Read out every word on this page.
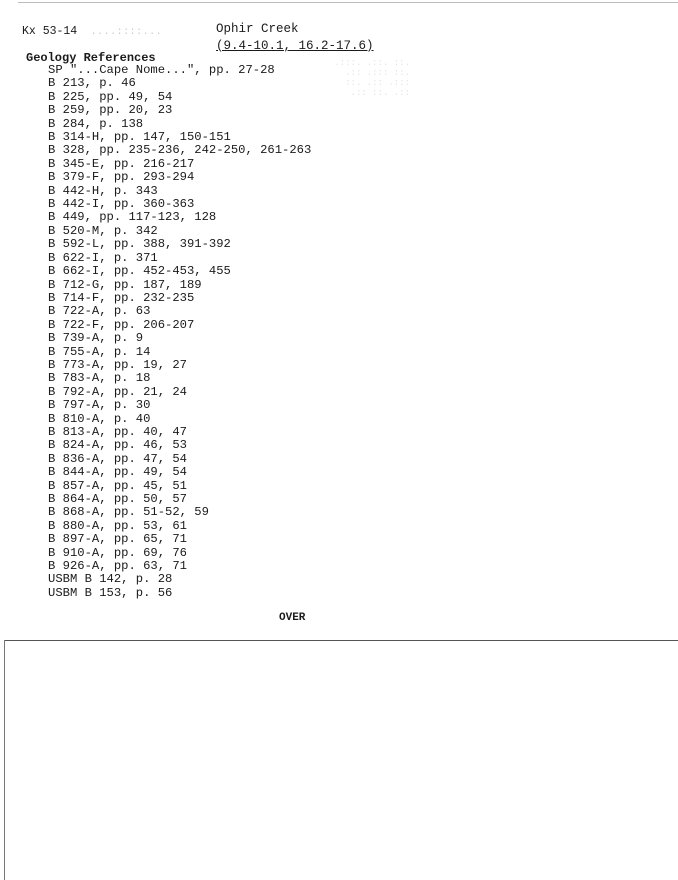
Kx 53-14  ....::::...	Ophir Creek
(9.4-10.1, 16.2-17.6)
.:::. .::. ::.
.:: .::: ::.
::. .:: .:::
.:: ::. .::
Geology References
SP "...Cape Nome...", pp. 27-28
B 213, p. 46
B 225, pp. 49, 54
B 259, pp. 20, 23
B 284, p. 138
B 314-H, pp. 147, 150-151
B 328, pp. 235-236, 242-250, 261-263
B 345-E, pp. 216-217
B 379-F, pp. 293-294
B 442-H, p. 343
B 442-I, pp. 360-363
B 449, pp. 117-123, 128
B 520-M, p. 342
B 592-L, pp. 388, 391-392
B 622-I, p. 371
B 662-I, pp. 452-453, 455
B 712-G, pp. 187, 189
B 714-F, pp. 232-235
B 722-A, p. 63
B 722-F, pp. 206-207
B 739-A, p. 9
B 755-A, p. 14
B 773-A, pp. 19, 27
B 783-A, p. 18
B 792-A, pp. 21, 24
B 797-A, p. 30
B 810-A, p. 40
B 813-A, pp. 40, 47
B 824-A, pp. 46, 53
B 836-A, pp. 47, 54
B 844-A, pp. 49, 54
B 857-A, pp. 45, 51
B 864-A, pp. 50, 57
B 868-A, pp. 51-52, 59
B 880-A, pp. 53, 61
B 897-A, pp. 65, 71
B 910-A, pp. 69, 76
B 926-A, pp. 63, 71
USBM B 142, p. 28
USBM B 153, p. 56
OVER
